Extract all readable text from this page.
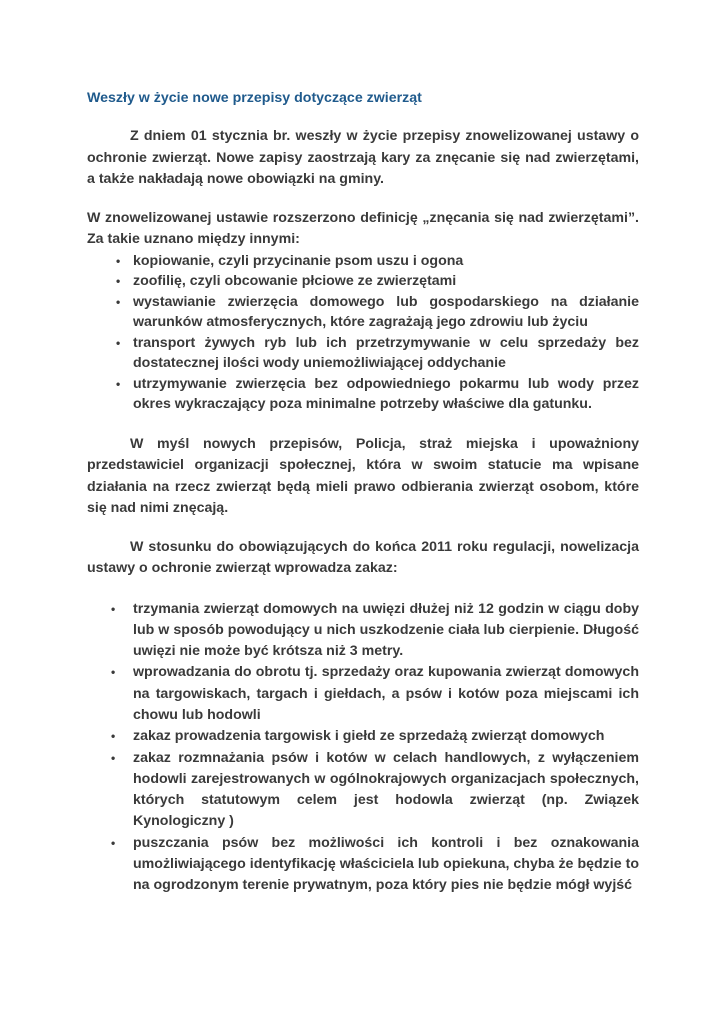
Weszły w życie nowe przepisy dotyczące zwierząt

Z dniem 01 stycznia br. weszły w życie przepisy znowelizowanej ustawy o ochronie zwierząt. Nowe zapisy zaostrzają kary za znęcanie się nad zwierzętami, a także nakładają nowe obowiązki na gminy.

W znowelizowanej ustawie rozszerzono definicję „znęcania się nad zwierzętami”. Za takie uznano między innymi:

• kopiowanie, czyli przycinanie psom uszu i ogona
• zoofilię, czyli obcowanie płciowe ze zwierzętami
• wystawianie zwierzęcia domowego lub gospodarskiego na działanie warunków atmosferycznych, które zagrażają jego zdrowiu lub życiu
• transport żywych ryb lub ich przetrzymywanie w celu sprzedaży bez dostatecznej ilości wody uniemożliwiającej oddychanie
• utrzymywanie zwierzęcia bez odpowiedniego pokarmu lub wody przez okres wykraczający poza minimalne potrzeby właściwe dla gatunku.

W myśl nowych przepisów, Policja, straż miejska i upoważniony przedstawiciel organizacji społecznej, która w swoim statucie ma wpisane działania na rzecz zwierząt będą mieli prawo odbierania zwierząt osobom, które się nad nimi znęcają.

W stosunku do obowiązujących do końca 2011 roku regulacji, nowelizacja ustawy o ochronie zwierząt wprowadza zakaz:

• trzymania zwierząt domowych na uwięzi dłużej niż 12 godzin w ciągu doby lub w sposób powodujący u nich uszkodzenie ciała lub cierpienie. Długość uwięzi nie może być krótsza niż 3 metry.
• wprowadzania do obrotu tj. sprzedaży oraz kupowania zwierząt domowych na targowiskach, targach i giełdach, a psów i kotów poza miejscami ich chowu lub hodowli
• zakaz prowadzenia targowisk i giełd ze sprzedażą zwierząt domowych
• zakaz rozmnażania psów i kotów w celach handlowych, z wyłączeniem hodowli zarejestrowanych w ogólnokrajowych organizacjach społecznych, których statutowym celem jest hodowla zwierząt (np. Związek Kynologiczny )
• puszczania psów bez możliwości ich kontroli i bez oznakowania umożliwiającego identyfikację właściciela lub opiekuna, chyba że będzie to na ogrodzonym terenie prywatnym, poza który pies nie będzie mógł wyjść
